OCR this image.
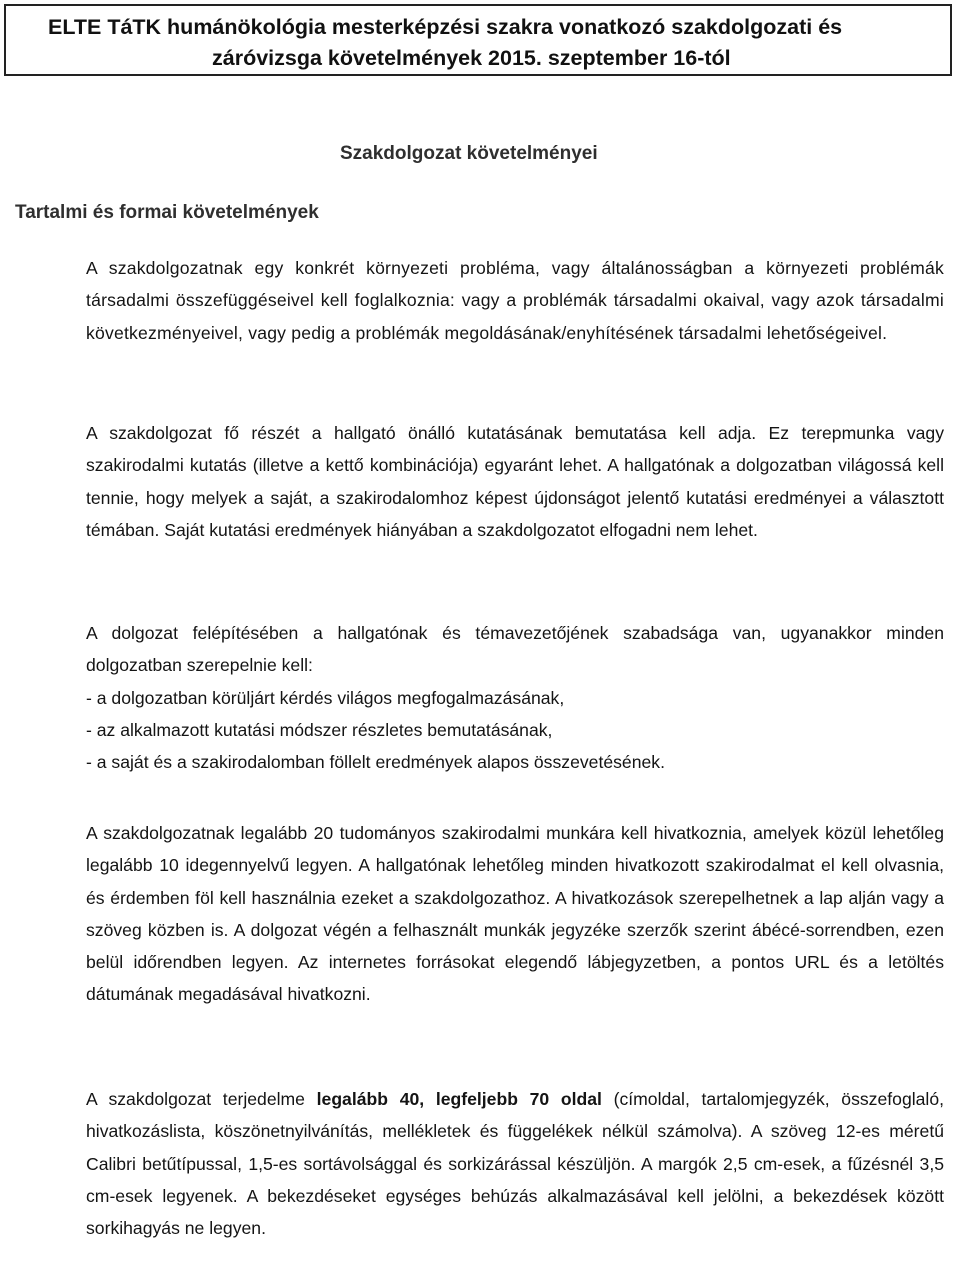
ELTE TáTK humánökológia mesterképzési szakra vonatkozó szakdolgozati és
záróvizsga követelmények 2015. szeptember 16-tól
Szakdolgozat követelményei
Tartalmi és formai követelmények

A szakdolgozatnak egy konkrét környezeti probléma, vagy általánosságban a környezeti problémák társadalmi összefüggéseivel kell foglalkoznia: vagy a problémák társadalmi okaival, vagy azok társadalmi következményeivel, vagy pedig a problémák megoldásának/enyhítésének társadalmi lehetőségeivel.

A szakdolgozat fő részét a hallgató önálló kutatásának bemutatása kell adja. Ez terepmunka vagy szakirodalmi kutatás (illetve a kettő kombinációja) egyaránt lehet. A hallgatónak a dolgozatban világossá kell tennie, hogy melyek a saját, a szakirodalomhoz képest újdonságot jelentő kutatási eredményei a választott témában. Saját kutatási eredmények hiányában a szakdolgozatot elfogadni nem lehet.

A dolgozat felépítésében a hallgatónak és témavezetőjének szabadsága van, ugyanakkor minden dolgozatban szerepelnie kell:

- a dolgozatban körüljárt kérdés világos megfogalmazásának,
- az alkalmazott kutatási módszer részletes bemutatásának,
- a saját és a szakirodalomban föllelt eredmények alapos összevetésének.

A szakdolgozatnak legalább 20 tudományos szakirodalmi munkára kell hivatkoznia, amelyek közül lehetőleg legalább 10 idegennyelvű legyen. A hallgatónak lehetőleg minden hivatkozott szakirodalmat el kell olvasnia, és érdemben föl kell használnia ezeket a szakdolgozathoz. A hivatkozások szerepelhetnek a lap alján vagy a szöveg közben is. A dolgozat végén a felhasznált munkák jegyzéke szerzők szerint ábécé-sorrendben, ezen belül időrendben legyen. Az internetes forrásokat elegendő lábjegyzetben, a pontos URL és a letöltés dátumának megadásával hivatkozni.

A szakdolgozat terjedelme legalább 40, legfeljebb 70 oldal (címoldal, tartalomjegyzék, összefoglaló, hivatkozáslista, köszönetnyilvánítás, mellékletek és függelékek nélkül számolva). A szöveg 12-es méretű Calibri betűtípussal, 1,5-es sortávolsággal és sorkizárással készüljön. A margók 2,5 cm-esek, a fűzésnél 3,5 cm-esek legyenek. A bekezdéseket egységes behúzás alkalmazásával kell jelölni, a bekezdések között sorkihagyás ne legyen.
